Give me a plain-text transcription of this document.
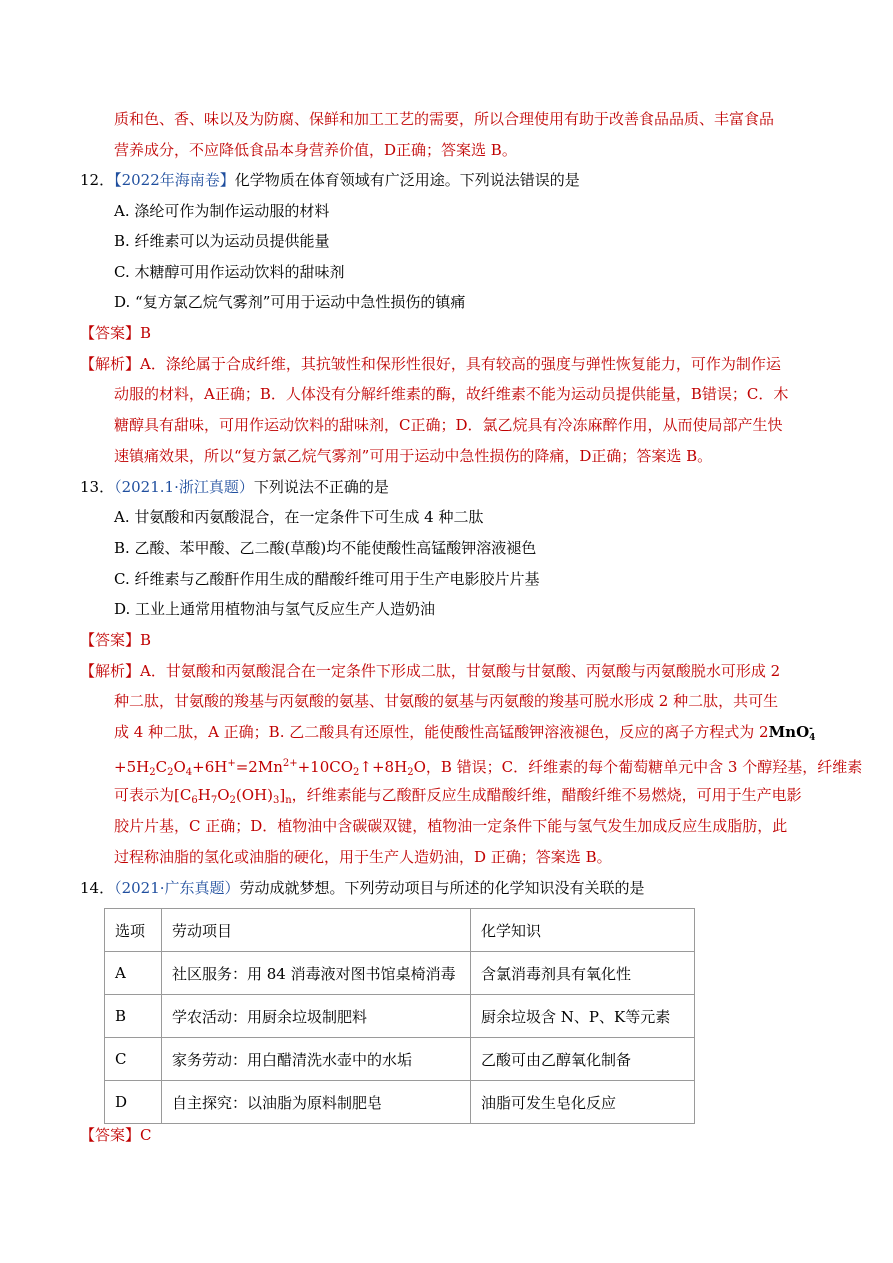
质和色、香、味以及为防腐、保鲜和加工工艺的需要，所以合理使用有助于改善食品品质、丰富食品
营养成分，不应降低食品本身营养价值，D正确；答案选 B。
12．【2022年海南卷】化学物质在体育领域有广泛用途。下列说法错误的是
A. 涤纶可作为制作运动服的材料
B. 纤维素可以为运动员提供能量
C. 木糖醇可用作运动饮料的甜味剂
D. “复方氯乙烷气雾剂”可用于运动中急性损伤的镇痛
【答案】B
【解析】A．涤纶属于合成纤维，其抗皱性和保形性很好，具有较高的强度与弹性恢复能力，可作为制作运
动服的材料，A正确；B．人体没有分解纤维素的酶，故纤维素不能为运动员提供能量，B错误；C．木
糖醇具有甜味，可用作运动饮料的甜味剂，C正确；D．氯乙烷具有冷冻麻醉作用，从而使局部产生快
速镇痛效果，所以“复方氯乙烷气雾剂”可用于运动中急性损伤的降痛，D正确；答案选 B。
13．（2021.1·浙江真题）下列说法不正确的是
A. 甘氨酸和丙氨酸混合，在一定条件下可生成 4 种二肽
B. 乙酸、苯甲酸、乙二酸(草酸)均不能使酸性高锰酸钾溶液褪色
C. 纤维素与乙酸酐作用生成的醋酸纤维可用于生产电影胶片片基
D. 工业上通常用植物油与氢气反应生产人造奶油
【答案】B
【解析】A．甘氨酸和丙氨酸混合在一定条件下形成二肽，甘氨酸与甘氨酸、丙氨酸与丙氨酸脱水可形成 2
种二肽，甘氨酸的羧基与丙氨酸的氨基、甘氨酸的氨基与丙氨酸的羧基可脱水形成 2 种二肽，共可生
成 4 种二肽，A 正确；B. 乙二酸具有还原性，能使酸性高锰酸钾溶液褪色，反应的离子方程式为 2MnO -
4
$+5H_2C_2O_4+6H^+=2Mn^{2+}+10CO_2↑+8H_2O$，B 错误；C．纤维素的每个葡萄糖单元中含 3 个醇羟基，纤维素
可表示为$[C_6H_7O_2(OH)_3]_n$，纤维素能与乙酸酐反应生成醋酸纤维，醋酸纤维不易燃烧，可用于生产电影
胶片片基，C 正确；D．植物油中含碳碳双键，植物油一定条件下能与氢气发生加成反应生成脂肪，此
过程称油脂的氢化或油脂的硬化，用于生产人造奶油，D 正确；答案选 B。
14．（2021·广东真题）劳动成就梦想。下列劳动项目与所述的化学知识没有关联的是
选项	劳动项目	化学知识
A	社区服务：用 84 消毒液对图书馆桌椅消毒	含氯消毒剂具有氧化性
B	学农活动：用厨余垃圾制肥料	厨余垃圾含 N、P、K等元素
C	家务劳动：用白醋清洗水壶中的水垢	乙酸可由乙醇氧化制备
D	自主探究：以油脂为原料制肥皂	油脂可发生皂化反应
【答案】C
